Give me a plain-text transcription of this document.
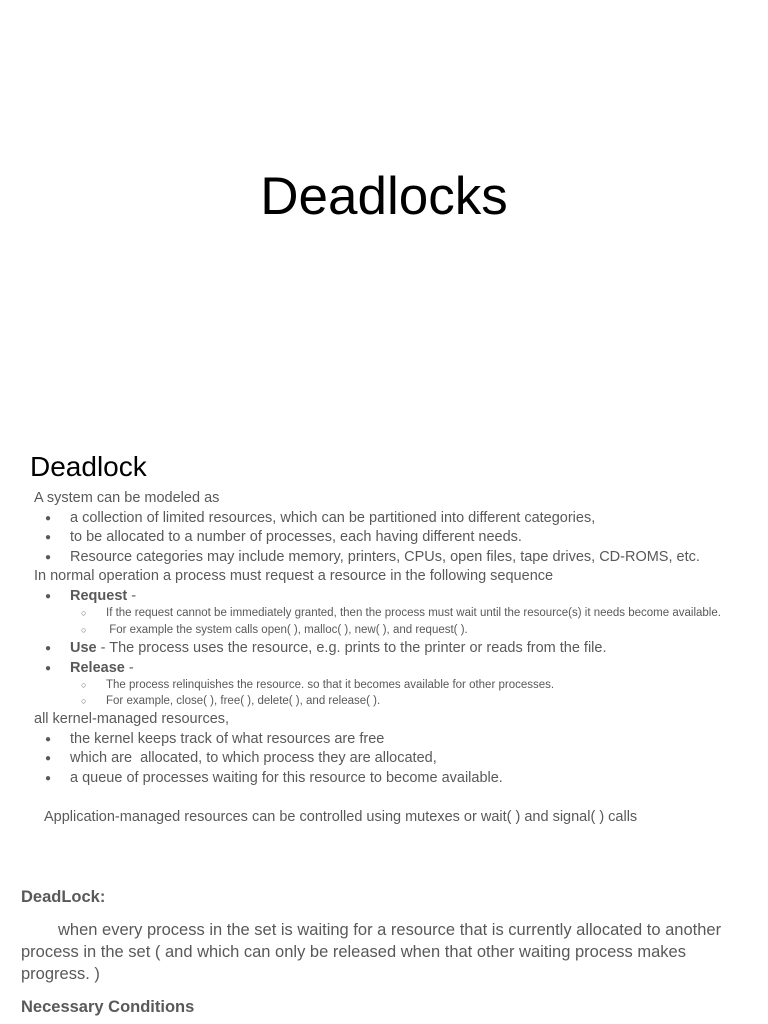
Deadlocks
Deadlock

A system can be modeled as

● a collection of limited resources, which can be partitioned into different categories,
● to be allocated to a number of processes, each having different needs.
● Resource categories may include memory, printers, CPUs, open files, tape drives, CD-ROMS, etc.

In normal operation a process must request a resource in the following sequence

● Request -
○ If the request cannot be immediately granted, then the process must wait until the resource(s) it needs become available.
○ For example the system calls open( ), malloc( ), new( ), and request( ).
● Use - The process uses the resource, e.g. prints to the printer or reads from the file.
● Release -
○ The process relinquishes the resource. so that it becomes available for other processes.
○ For example, close( ), free( ), delete( ), and release( ).

all kernel-managed resources,

● the kernel keeps track of what resources are free
● which are  allocated, to which process they are allocated,
● a queue of processes waiting for this resource to become available.

Application-managed resources can be controlled using mutexes or wait( ) and signal( ) calls

DeadLock:

when every process in the set is waiting for a resource that is currently allocated to another process in the set ( and which can only be released when that other waiting process makes progress. )

Necessary Conditions
